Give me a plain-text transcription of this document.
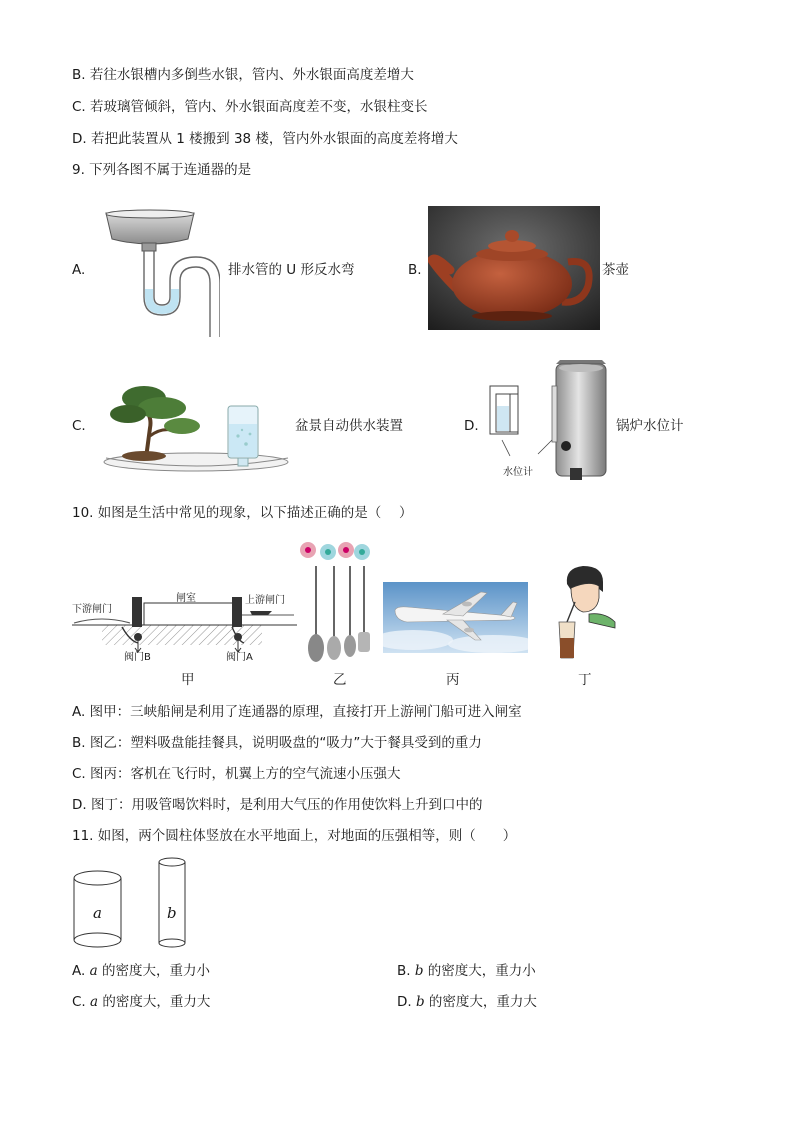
B. 若往水银槽内多倒些水银，管内、外水银面高度差增大
C. 若玻璃管倾斜，管内、外水银面高度差不变，水银柱变长
D. 若把此装置从 1 楼搬到 38 楼，管内外水银面的高度差将增大
9. 下列各图不属于连通器的是
A.	排水管的 U 形反水弯	B.	茶壶
C.	盆景自动供水装置	D.
水位计
锅炉水位计
10. 如图是生活中常见的现象，以下描述正确的是（　 ）
闸室
下游闸门
上游闸门
阀门B	阀门A
甲	乙	丙	丁
A. 图甲：三峡船闸是利用了连通器的原理，直接打开上游闸门船可进入闸室
B. 图乙：塑料吸盘能挂餐具，说明吸盘的“吸力”大于餐具受到的重力
C. 图丙：客机在飞行时，机翼上方的空气流速小压强大
D. 图丁：用吸管喝饮料时，是利用大气压的作用使饮料上升到口中的
11. 如图，两个圆柱体竖放在水平地面上，对地面的压强相等，则（　　）
a	b
A. a 的密度大，重力小	B. b 的密度大，重力小
C. a 的密度大，重力大	D. b 的密度大，重力大
